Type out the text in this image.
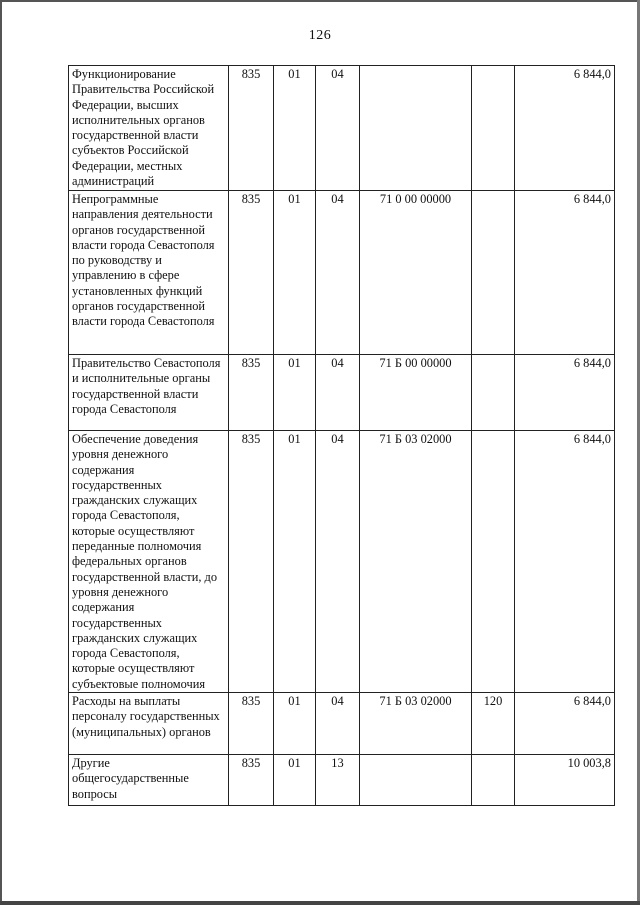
126
Функционирование Правительства Российской Федерации, высших исполнительных органов государственной власти субъектов Российской Федерации, местных администраций	835	01	04			6 844,0
Непрограммные направления деятельности органов государственной власти города Севастополя по руководству и управлению в сфере установленных функций органов государственной власти города Севастополя	835	01	04	71 0 00 00000		6 844,0
Правительство Севастополя и исполнительные органы государственной власти города Севастополя	835	01	04	71 Б 00 00000		6 844,0
Обеспечение доведения уровня денежного содержания государственных гражданских служащих города Севастополя, которые осуществляют переданные полномочия федеральных органов государственной власти, до уровня денежного содержания государственных гражданских служащих города Севастополя, которые осуществляют субъектовые полномочия	835	01	04	71 Б 03 02000		6 844,0
Расходы на выплаты персоналу государственных (муниципальных) органов	835	01	04	71 Б 03 02000	120	6 844,0
Другие общегосударственные вопросы	835	01	13			10 003,8
